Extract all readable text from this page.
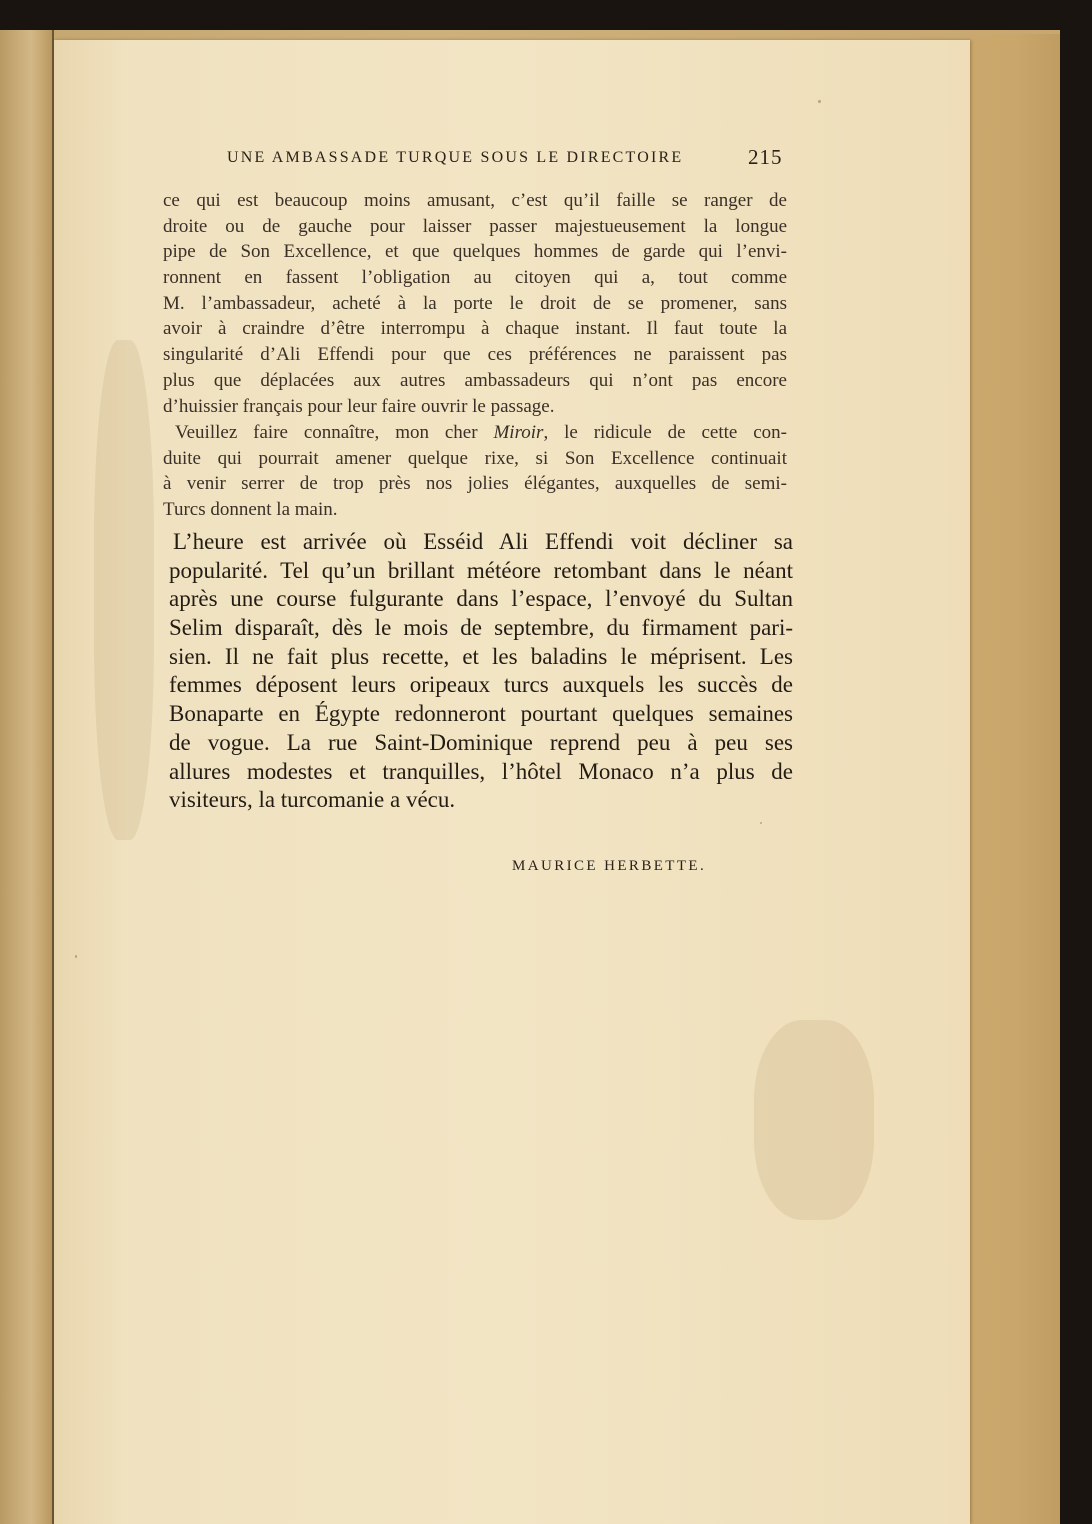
UNE AMBASSADE TURQUE SOUS LE DIRECTOIRE	215
ce qui est beaucoup moins amusant, c’est qu’il faille se ranger de
droite ou de gauche pour laisser passer majestueusement la longue
pipe de Son Excellence, et que quelques hommes de garde qui l’envi-
ronnent en fassent l’obligation au citoyen qui a, tout comme
M. l’ambassadeur, acheté à la porte le droit de se promener, sans
avoir à craindre d’être interrompu à chaque instant. Il faut toute la
singularité d’Ali Effendi pour que ces préférences ne paraissent pas
plus que déplacées aux autres ambassadeurs qui n’ont pas encore
d’huissier français pour leur faire ouvrir le passage.
Veuillez faire connaître, mon cher Miroir, le ridicule de cette con-
duite qui pourrait amener quelque rixe, si Son Excellence continuait
à venir serrer de trop près nos jolies élégantes, auxquelles de semi-
Turcs donnent la main.
L’heure est arrivée où Esséid Ali Effendi voit décliner sa
popularité. Tel qu’un brillant météore retombant dans le néant
après une course fulgurante dans l’espace, l’envoyé du Sultan
Selim disparaît, dès le mois de septembre, du firmament pari-
sien. Il ne fait plus recette, et les baladins le méprisent. Les
femmes déposent leurs oripeaux turcs auxquels les succès de
Bonaparte en Égypte redonneront pourtant quelques semaines
de vogue. La rue Saint-Dominique reprend peu à peu ses
allures modestes et tranquilles, l’hôtel Monaco n’a plus de
visiteurs, la turcomanie a vécu.
MAURICE HERBETTE.
